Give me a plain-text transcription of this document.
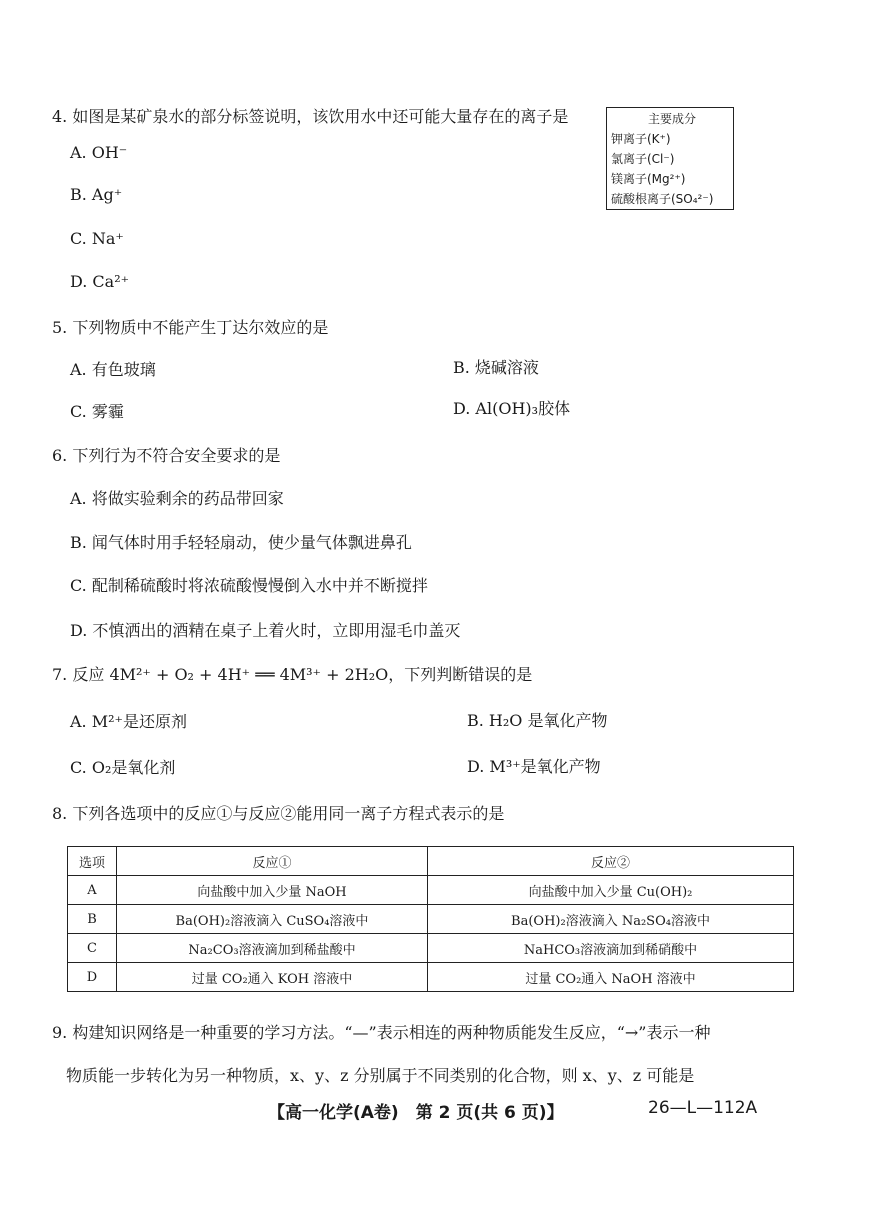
4. 如图是某矿泉水的部分标签说明，该饮用水中还可能大量存在的离子是
A. OH⁻
B. Ag⁺
C. Na⁺
D. Ca²⁺
主要成分
钾离子(K⁺)
氯离子(Cl⁻)
镁离子(Mg²⁺)
硫酸根离子(SO₄²⁻)
5. 下列物质中不能产生丁达尔效应的是
A. 有色玻璃	B. 烧碱溶液
C. 雾霾	D. Al(OH)₃胶体
6. 下列行为不符合安全要求的是
A. 将做实验剩余的药品带回家
B. 闻气体时用手轻轻扇动，使少量气体飘进鼻孔
C. 配制稀硫酸时将浓硫酸慢慢倒入水中并不断搅拌
D. 不慎洒出的酒精在桌子上着火时，立即用湿毛巾盖灭
7. 反应 4M²⁺ + O₂ + 4H⁺ ══ 4M³⁺ + 2H₂O，下列判断错误的是
A. M²⁺是还原剂	B. H₂O 是氧化产物
C. O₂是氧化剂	D. M³⁺是氧化产物
8. 下列各选项中的反应①与反应②能用同一离子方程式表示的是
选项	反应①	反应②
A	向盐酸中加入少量 NaOH	向盐酸中加入少量 Cu(OH)₂
B	Ba(OH)₂溶液滴入 CuSO₄溶液中	Ba(OH)₂溶液滴入 Na₂SO₄溶液中
C	Na₂CO₃溶液滴加到稀盐酸中	NaHCO₃溶液滴加到稀硝酸中
D	过量 CO₂通入 KOH 溶液中	过量 CO₂通入 NaOH 溶液中
9. 构建知识网络是一种重要的学习方法。“—”表示相连的两种物质能发生反应，“→”表示一种
物质能一步转化为另一种物质，x、y、z 分别属于不同类别的化合物，则 x、y、z 可能是
【高一化学(A卷)　第 2 页(共 6 页)】	26—L—112A
